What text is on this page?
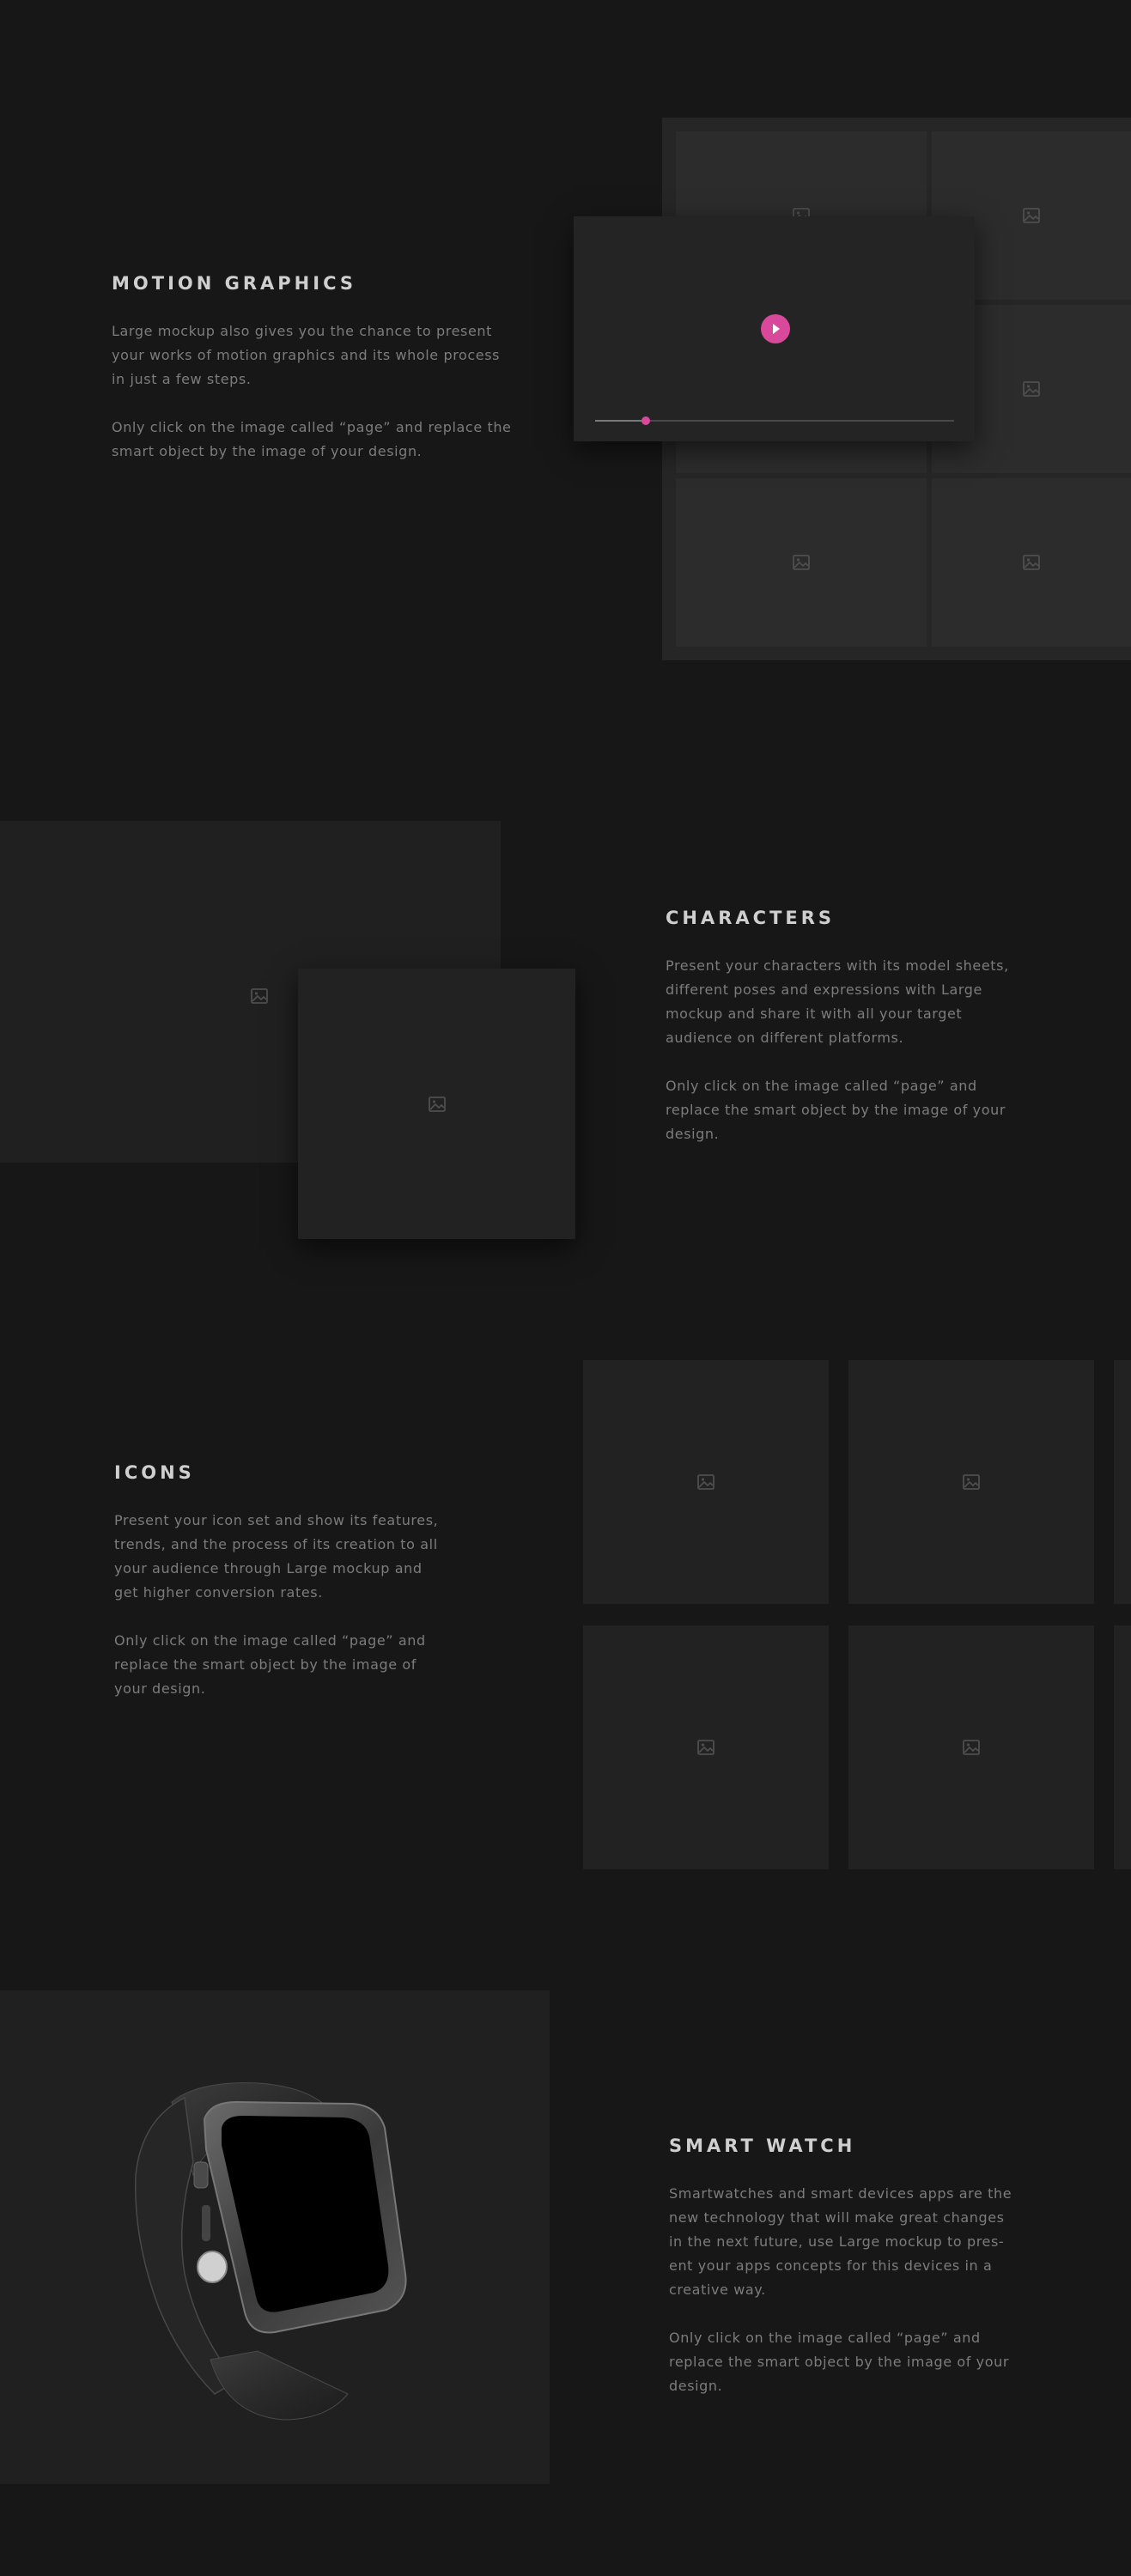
MOTION GRAPHICS

Large mockup also gives you the chance to present your works of motion graphics and its whole process in just a few steps.

Only click on the image called “page” and replace the smart object by the image of your design.

CHARACTERS

Present your characters with its model sheets, different poses and expressions with Large mockup and share it with all your target audience on different platforms.

Only click on the image called “page” and replace the smart object by the image of your design.

ICONS

Present your icon set and show its features, trends, and the process of its creation to all your audience through Large mockup and get higher conversion rates.

Only click on the image called “page” and replace the smart object by the image of your design.

SMART WATCH

Smartwatches and smart devices apps are the new technology that will make great changes in the next future, use Large mockup to pres-ent your apps concepts for this devices in a creative way.

Only click on the image called “page” and replace the smart object by the image of your design.
